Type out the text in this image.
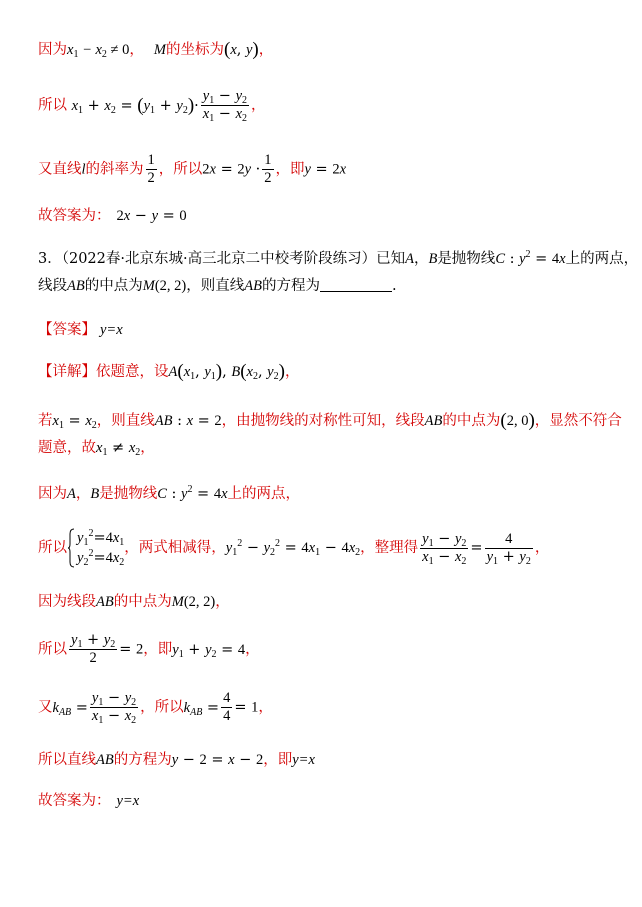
因为$x_1 - x_2 \ne 0$， M的坐标为(x, y)，
所以 $x_1 + x_2 = (y_1 + y_2)\cdot \frac{y_1 - y_2}{x_1 - x_2}$ ，
又直线l的斜率为 $\frac{1}{2}$ ，所以$2x = 2y \cdot \frac{1}{2}$ ，即y = 2x
故答案为： 2x − y = 0
3．（2022春·北京东城·高三北京二中校考阶段练习）已知A，B是抛物线C : $y^2 = 4x$上的两点，
线段AB的中点为M(2, 2)，则直线AB的方程为	.
【答案】 y=x
【详解】依题意，设$A(x_1$, $y_1$), $B(x_2$, $y_2$)，
若$x_1 = x_2$，则直线AB : x = 2，由抛物线的对称性可知，线段AB的中点为(2, 0)，显然不符合
题意，故$x_1 \ne x_2$，
因为A，B是抛物线C : $y^2 = 4x$上的两点，
所以
$y_1^2=4x_1$
$y_2^2=4x_2$
，两式相减得，$y_1^2 - y_2^2 = 4x_1 - 4x_2$，整理得 $\frac{y_1 - y_2}{x_1 - x_2} = \frac{4}{y_1 + y_2}$ ，
因为线段AB的中点为M(2, 2)，
所以 $\frac{y_1 + y_2}{2} = 2$，即$y_1 + y_2 = 4$，
又$k_{AB} = \frac{y_1 - y_2}{x_1 - x_2}$ ，所以$k_{AB} = \frac{4}{4} = 1$，
所以直线AB的方程为y − 2 = x − 2，即y=x
故答案为： y=x
